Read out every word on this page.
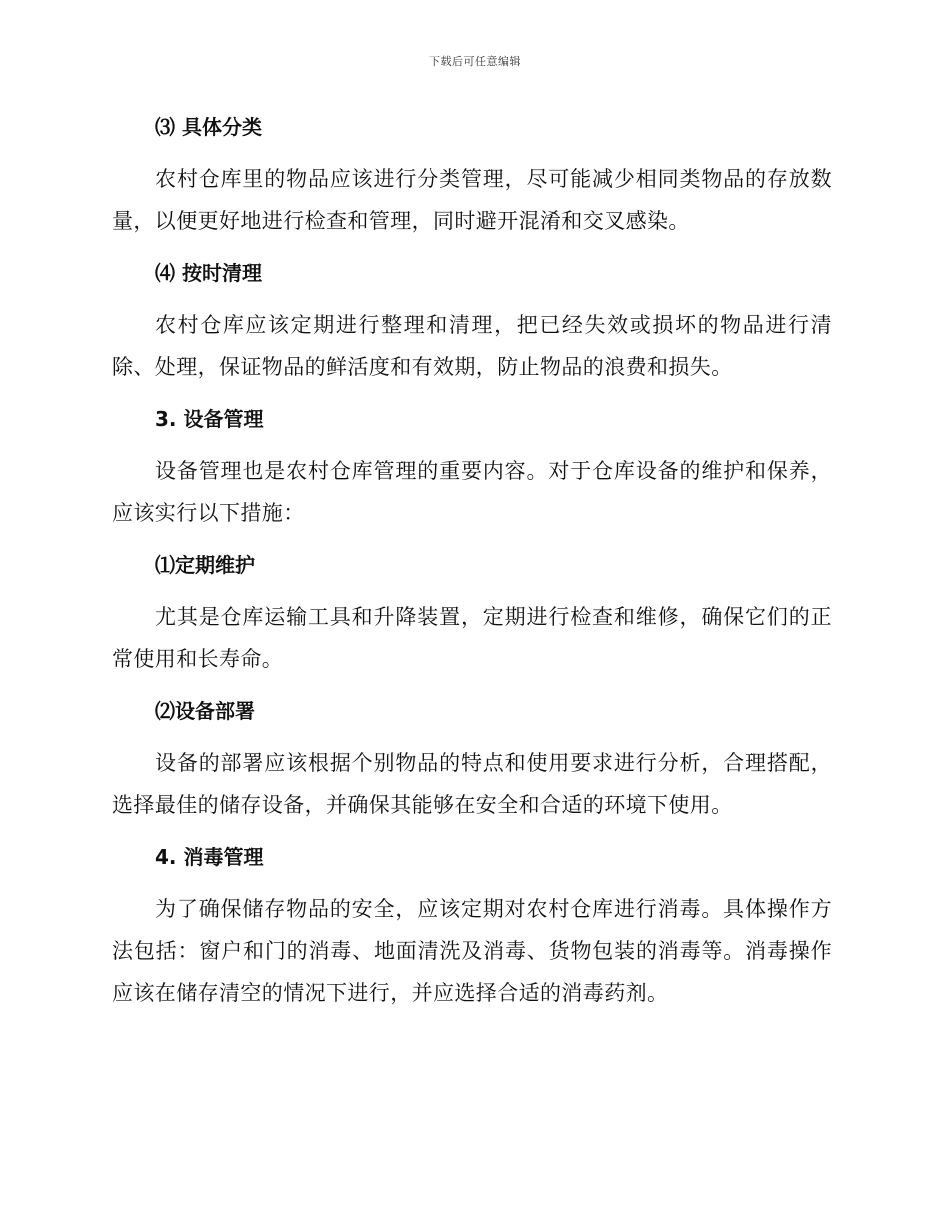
下载后可任意编辑
⑶ 具体分类
农村仓库里的物品应该进行分类管理，尽可能减少相同类物品的存放数量，以便更好地进行检查和管理，同时避开混淆和交叉感染。
⑷ 按时清理
农村仓库应该定期进行整理和清理，把已经失效或损坏的物品进行清除、处理，保证物品的鲜活度和有效期，防止物品的浪费和损失。
3. 设备管理
设备管理也是农村仓库管理的重要内容。对于仓库设备的维护和保养，应该实行以下措施：
⑴定期维护
尤其是仓库运输工具和升降装置，定期进行检查和维修，确保它们的正常使用和长寿命。
⑵设备部署
设备的部署应该根据个别物品的特点和使用要求进行分析，合理搭配，选择最佳的储存设备，并确保其能够在安全和合适的环境下使用。
4. 消毒管理
为了确保储存物品的安全，应该定期对农村仓库进行消毒。具体操作方法包括：窗户和门的消毒、地面清洗及消毒、货物包装的消毒等。消毒操作应该在储存清空的情况下进行，并应选择合适的消毒药剂。
